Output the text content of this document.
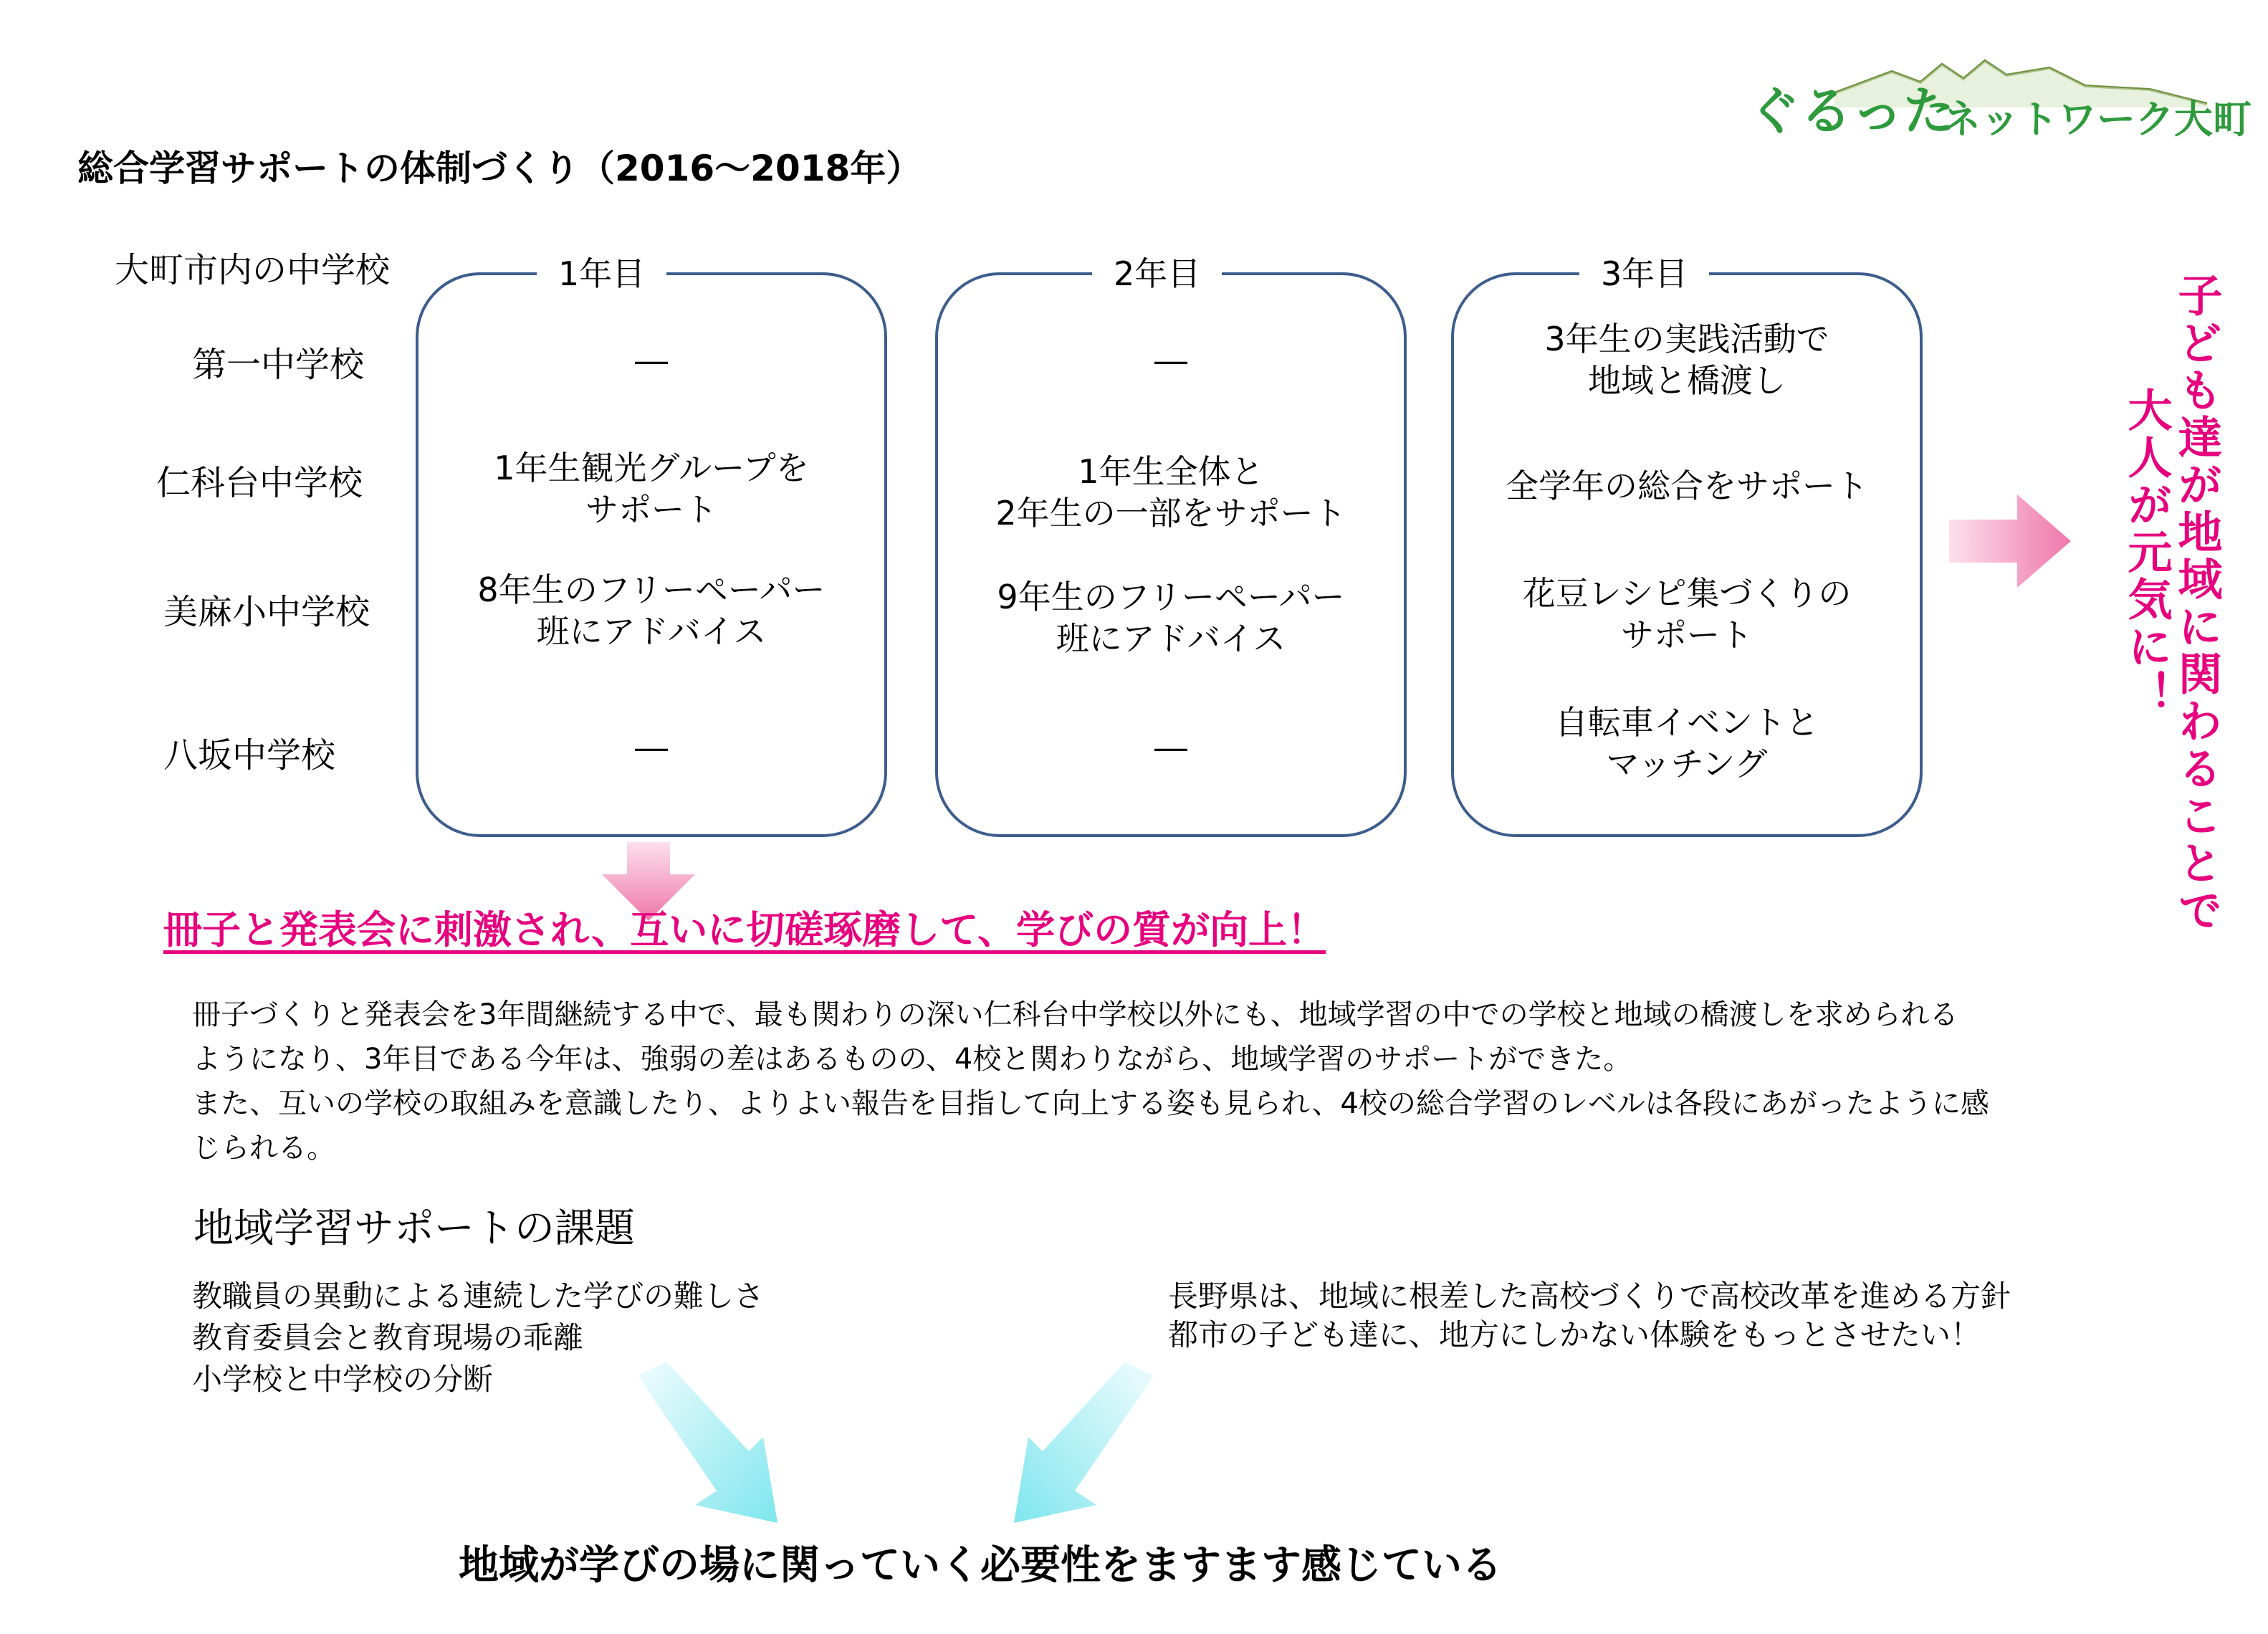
ぐるった
ネットワーク大町
総合学習サポートの体制づくり（2016〜2018年）
大町市内の中学校
第一中学校
仁科台中学校
美麻小中学校
八坂中学校
1年目
―
1年生観光グループを
サポート
8年生のフリーペーパー
班にアドバイス
―
2年目
―
1年生全体と
2年生の一部をサポート
9年生のフリーペーパー
班にアドバイス
―
3年目
3年生の実践活動で
地域と橋渡し
全学年の総合をサポート
花豆レシピ集づくりの
サポート
自転車イベントと
マッチング	子ども達が地域に関わることで
大人が元気に！
冊子と発表会に刺激され、互いに切磋琢磨して、学びの質が向上！
冊子づくりと発表会を3年間継続する中で、最も関わりの深い仁科台中学校以外にも、地域学習の中での学校と地域の橋渡しを求められる
ようになり、3年目である今年は、強弱の差はあるものの、4校と関わりながら、地域学習のサポートができた。
また、互いの学校の取組みを意識したり、よりよい報告を目指して向上する姿も見られ、4校の総合学習のレベルは各段にあがったように感
じられる。
地域学習サポートの課題
教職員の異動による連続した学びの難しさ
教育委員会と教育現場の乖離
小学校と中学校の分断
長野県は、地域に根差した高校づくりで高校改革を進める方針
都市の子ども達に、地方にしかない体験をもっとさせたい！
地域が学びの場に関っていく必要性をますます感じている
